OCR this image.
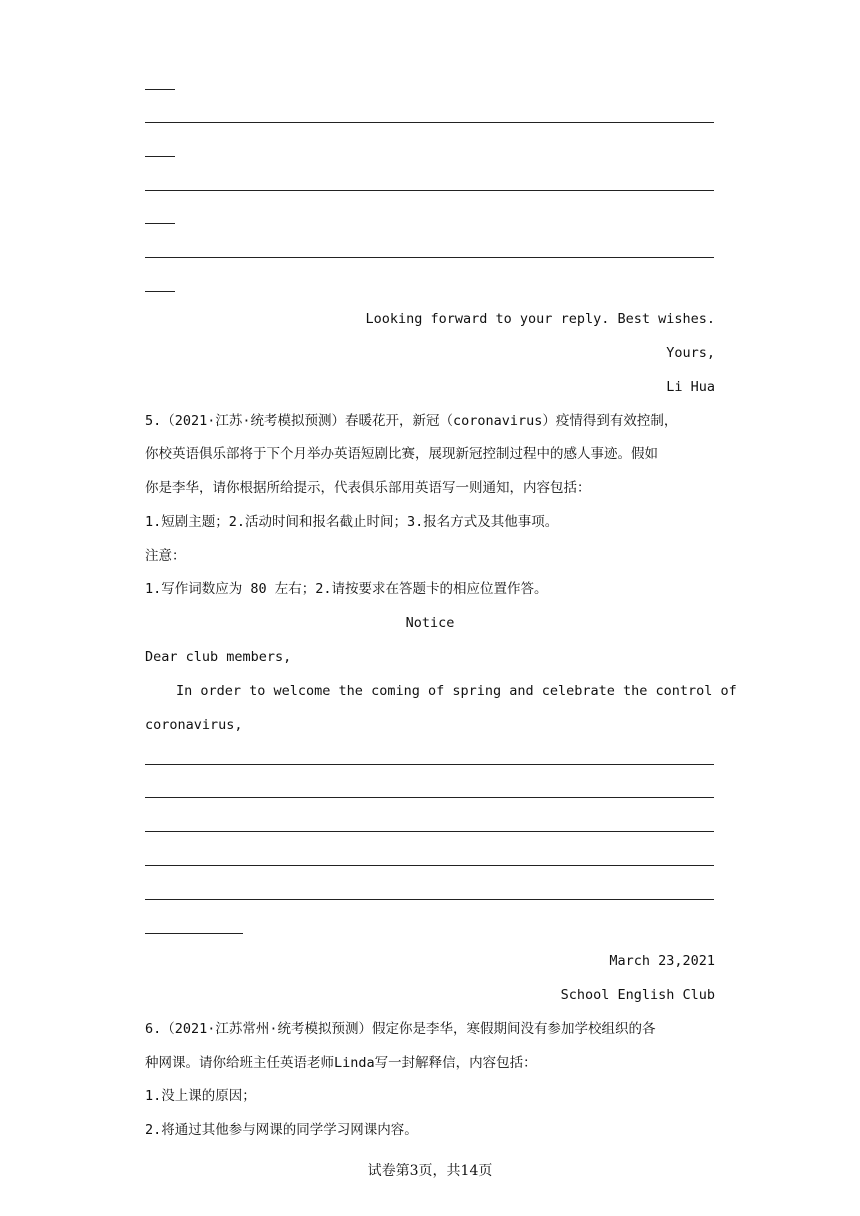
Looking forward to your reply. Best wishes.
Yours,
Li Hua
5.（2021·江苏·统考模拟预测）春暖花开，新冠（coronavirus）疫情得到有效控制，
你校英语俱乐部将于下个月举办英语短剧比赛，展现新冠控制过程中的感人事迹。假如
你是李华，请你根据所给提示，代表俱乐部用英语写一则通知，内容包括：
1.短剧主题；2.活动时间和报名截止时间；3.报名方式及其他事项。
注意：
1.写作词数应为 80 左右；2.请按要求在答题卡的相应位置作答。
Notice
Dear club members,
In order to welcome the coming of spring and celebrate the control of
coronavirus,
March 23,2021
School English Club
6.（2021·江苏常州·统考模拟预测）假定你是李华，寒假期间没有参加学校组织的各
种网课。请你给班主任英语老师Linda写一封解释信，内容包括：
1.没上课的原因；
2.将通过其他参与网课的同学学习网课内容。
试卷第3页，共14页
